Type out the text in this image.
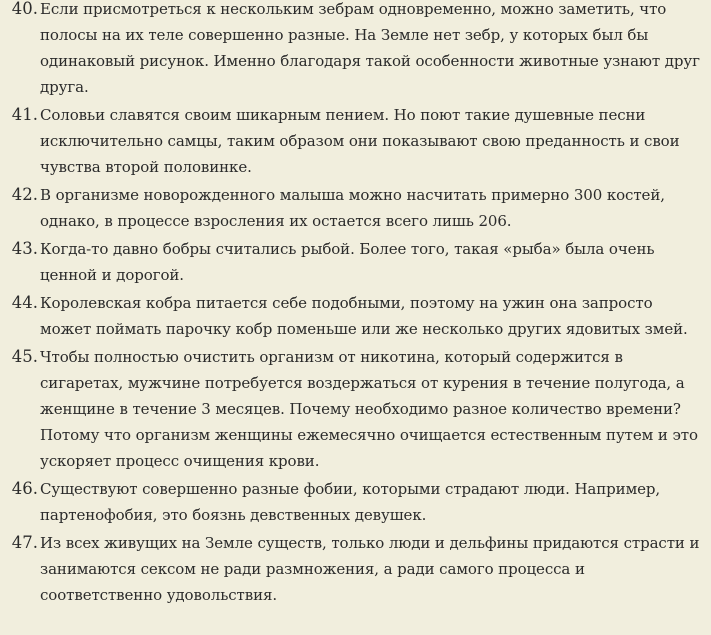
40. Если присмотреться к нескольким зебрам одновременно, можно заметить, что полосы на их теле совершенно разные. На Земле нет зебр, у которых был бы одинаковый рисунок. Именно благодаря такой особенности животные узнают друг друга.

41. Соловьи славятся своим шикарным пением. Но поют такие душевные песни исключительно самцы, таким образом они показывают свою преданность и свои чувства второй половинке.

42. В организме новорожденного малыша можно насчитать примерно 300 костей, однако, в процессе взросления их остается всего лишь 206.

43. Когда-то давно бобры считались рыбой. Более того, такая «рыба» была очень ценной и дорогой.

44. Королевская кобра питается себе подобными, поэтому на ужин она запросто может поймать парочку кобр поменьше или же несколько других ядовитых змей.

45. Чтобы полностью очистить организм от никотина, который содержится в сигаретах, мужчине потребуется воздержаться от курения в течение полугода, а женщине в течение 3 месяцев. Почему необходимо разное количество времени? Потому что организм женщины ежемесячно очищается естественным путем и это ускоряет процесс очищения крови.

46. Существуют совершенно разные фобии, которыми страдают люди. Например, партенофобия, это боязнь девственных девушек.

47. Из всех живущих на Земле существ, только люди и дельфины придаются страсти и занимаются сексом не ради размножения, а ради самого процесса и соответственно удовольствия.
